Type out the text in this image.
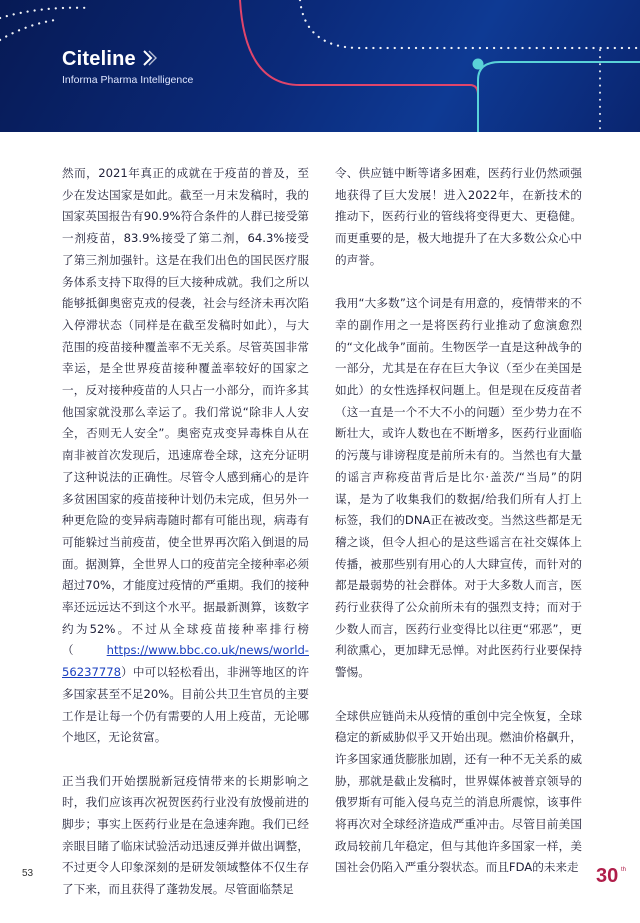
Citeline
Informa Pharma Intelligence

然而，2021年真正的成就在于疫苗的普及，至少在发达国家是如此。截至一月末发稿时，我的国家英国报告有90.9%符合条件的人群已接受第一剂疫苗，83.9%接受了第二剂，64.3%接受了第三剂加强针。这是在我们出色的国民医疗服务体系支持下取得的巨大接种成就。我们之所以能够抵御奥密克戎的侵袭，社会与经济未再次陷入停滞状态（同样是在截至发稿时如此），与大范围的疫苗接种覆盖率不无关系。尽管英国非常幸运，是全世界疫苗接种覆盖率较好的国家之一，反对接种疫苗的人只占一小部分，而许多其他国家就没那么幸运了。我们常说“除非人人安全，否则无人安全”。奥密克戎变异毒株自从在南非被首次发现后，迅速席卷全球，这充分证明了这种说法的正确性。尽管令人感到痛心的是许多贫困国家的疫苗接种计划仍未完成，但另外一种更危险的变异病毒随时都有可能出现，病毒有可能躲过当前疫苗，使全世界再次陷入倒退的局面。据测算，全世界人口的疫苗完全接种率必须超过70%，才能度过疫情的严重期。我们的接种率还远远达不到这个水平。据最新测算，该数字约为52%。不过从全球疫苗接种率排行榜（https://www.bbc.co.uk/news/world-56237778）中可以轻松看出，非洲等地区的许多国家甚至不足20%。目前公共卫生官员的主要工作是让每一个仍有需要的人用上疫苗，无论哪个地区，无论贫富。

正当我们开始摆脱新冠疫情带来的长期影响之时，我们应该再次祝贺医药行业没有放慢前进的脚步；事实上医药行业是在急速奔跑。我们已经亲眼目睹了临床试验活动迅速反弹并做出调整，不过更令人印象深刻的是研发领域整体不仅生存了下来，而且获得了蓬勃发展。尽管面临禁足

令、供应链中断等诸多困难，医药行业仍然顽强地获得了巨大发展！进入2022年，在新技术的推动下，医药行业的管线将变得更大、更稳健。而更重要的是，极大地提升了在大多数公众心中的声誉。

我用“大多数”这个词是有用意的，疫情带来的不幸的副作用之一是将医药行业推动了愈演愈烈的“文化战争”面前。生物医学一直是这种战争的一部分，尤其是在存在巨大争议（至少在美国是如此）的女性选择权问题上。但是现在反疫苗者（这一直是一个不大不小的问题）至少势力在不断壮大，或许人数也在不断增多，医药行业面临的污蔑与诽谤程度是前所未有的。当然也有大量的谣言声称疫苗背后是比尔·盖茨/“当局”的阴谋，是为了收集我们的数据/给我们所有人打上标签，我们的DNA正在被改变。当然这些都是无稽之谈，但令人担心的是这些谣言在社交媒体上传播，被那些别有用心的人大肆宣传，而针对的都是最弱势的社会群体。对于大多数人而言，医药行业获得了公众前所未有的强烈支持；而对于少数人而言，医药行业变得比以往更“邪恶”，更利欲熏心，更加肆无忌惮。对此医药行业要保持警惕。

全球供应链尚未从疫情的重创中完全恢复，全球稳定的新威胁似乎又开始出现。燃油价格飙升，许多国家通货膨胀加剧，还有一种不无关系的威胁，那就是截止发稿时，世界媒体被普京领导的俄罗斯有可能入侵乌克兰的消息所震惊，该事件将再次对全球经济造成严重冲击。尽管目前美国政局较前几年稳定，但与其他许多国家一样，美国社会仍陷入严重分裂状态。而且FDA的未来走

53	30 th
